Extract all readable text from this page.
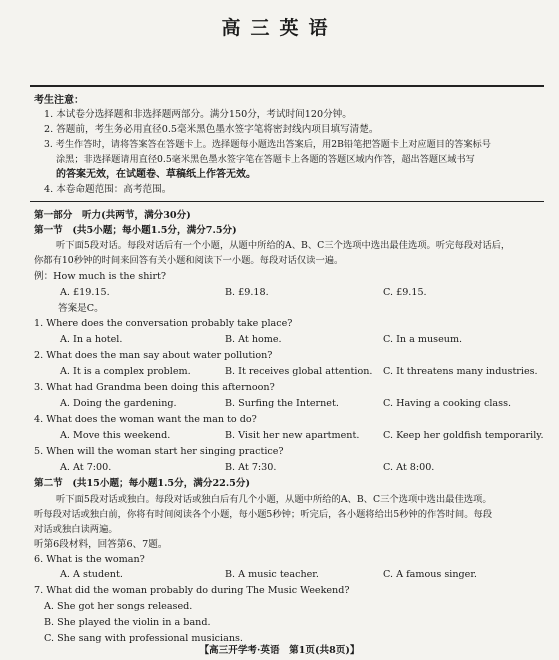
高三英语
考生注意：
1. 本试卷分选择题和非选择题两部分。满分150分，考试时间120分钟。
2. 答题前，考生务必用直径0.5毫米黑色墨水签字笔将密封线内项目填写清楚。
3. 考生作答时，请将答案答在答题卡上。选择题每小题选出答案后，用2B铅笔把答题卡上对应题目的答案标号
涂黑；非选择题请用直径0.5毫米黑色墨水签字笔在答题卡上各题的答题区域内作答，超出答题区域书写
的答案无效，在试题卷、草稿纸上作答无效。
4. 本卷命题范围：高考范围。
第一部分　听力(共两节，满分30分)
第一节　(共5小题；每小题1.5分，满分7.5分)
听下面5段对话。每段对话后有一个小题，从题中所给的A、B、C三个选项中选出最佳选项。听完每段对话后，
你都有10秒钟的时间来回答有关小题和阅读下一小题。每段对话仅读一遍。
例：How much is the shirt?
A. £19.15.	B. £9.18.	C. £9.15.
答案是C。
1. Where does the conversation probably take place?
A. In a hotel.	B. At home.	C. In a museum.
2. What does the man say about water pollution?
A. It is a complex problem.	B. It receives global attention. C. It threatens many industries.
3. What had Grandma been doing this afternoon?
A. Doing the gardening.	B. Surfing the Internet.	C. Having a cooking class.
4. What does the woman want the man to do?
A. Move this weekend.	B. Visit her new apartment. C. Keep her goldfish temporarily.
5. When will the woman start her singing practice?
A. At 7:00.	B. At 7:30.	C. At 8:00.
第二节　(共15小题；每小题1.5分，满分22.5分)
听下面5段对话或独白。每段对话或独白后有几个小题，从题中所给的A、B、C三个选项中选出最佳选项。
听每段对话或独白前，你将有时间阅读各个小题，每小题5秒钟；听完后，各小题将给出5秒钟的作答时间。每段
对话或独白读两遍。
听第6段材料，回答第6、7题。
6. What is the woman?
A. A student.	B. A music teacher.	C. A famous singer.
7. What did the woman probably do during The Music Weekend?
A. She got her songs released.
B. She played the violin in a band.
C. She sang with professional musicians.
【高三开学考·英语　第1页(共8页)】
